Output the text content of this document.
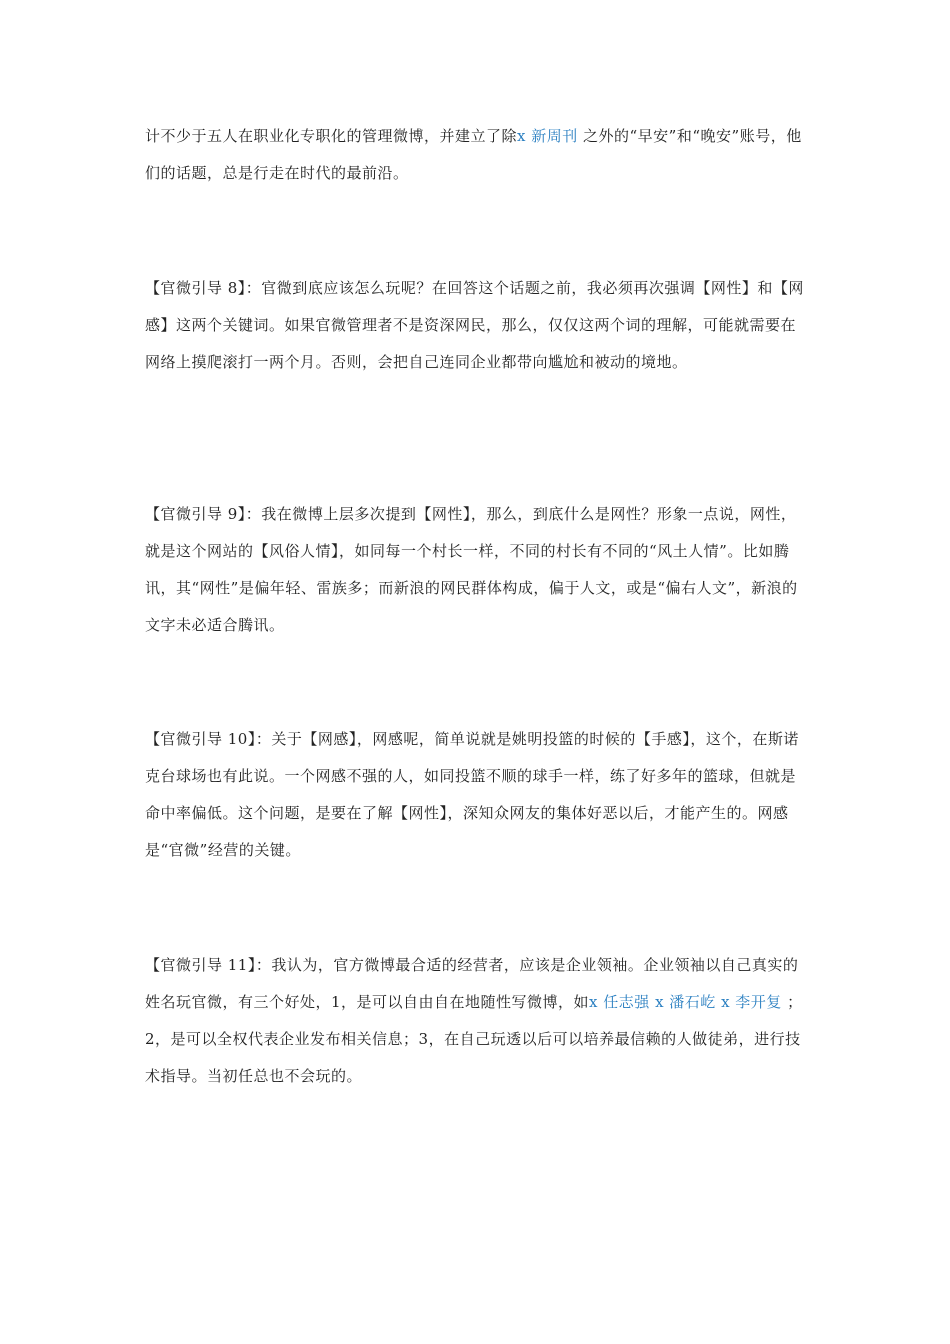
计不少于五人在职业化专职化的管理微博，并建立了除x 新周刊 之外的“早安”和“晚安”账号，他们的话题，总是行走在时代的最前沿。

【官微引导 8】：官微到底应该怎么玩呢？在回答这个话题之前，我必须再次强调【网性】和【网感】这两个关键词。如果官微管理者不是资深网民，那么，仅仅这两个词的理解，可能就需要在网络上摸爬滚打一两个月。否则，会把自己连同企业都带向尴尬和被动的境地。

【官微引导 9】：我在微博上层多次提到【网性】，那么，到底什么是网性？形象一点说，网性，就是这个网站的【风俗人情】，如同每一个村长一样，不同的村长有不同的“风土人情”。比如腾讯，其“网性”是偏年轻、雷族多；而新浪的网民群体构成，偏于人文，或是“偏右人文”，新浪的文字未必适合腾讯。

【官微引导 10】：关于【网感】，网感呢，简单说就是姚明投篮的时候的【手感】，这个，在斯诺克台球场也有此说。一个网感不强的人，如同投篮不顺的球手一样，练了好多年的篮球，但就是命中率偏低。这个问题，是要在了解【网性】，深知众网友的集体好恶以后，才能产生的。网感是“官微”经营的关键。

【官微引导 11】：我认为，官方微博最合适的经营者，应该是企业领袖。企业领袖以自己真实的姓名玩官微，有三个好处，1，是可以自由自在地随性写微博，如x 任志强 x 潘石屹 x 李开复 ；2，是可以全权代表企业发布相关信息；3，在自己玩透以后可以培养最信赖的人做徒弟，进行技术指导。当初任总也不会玩的。
